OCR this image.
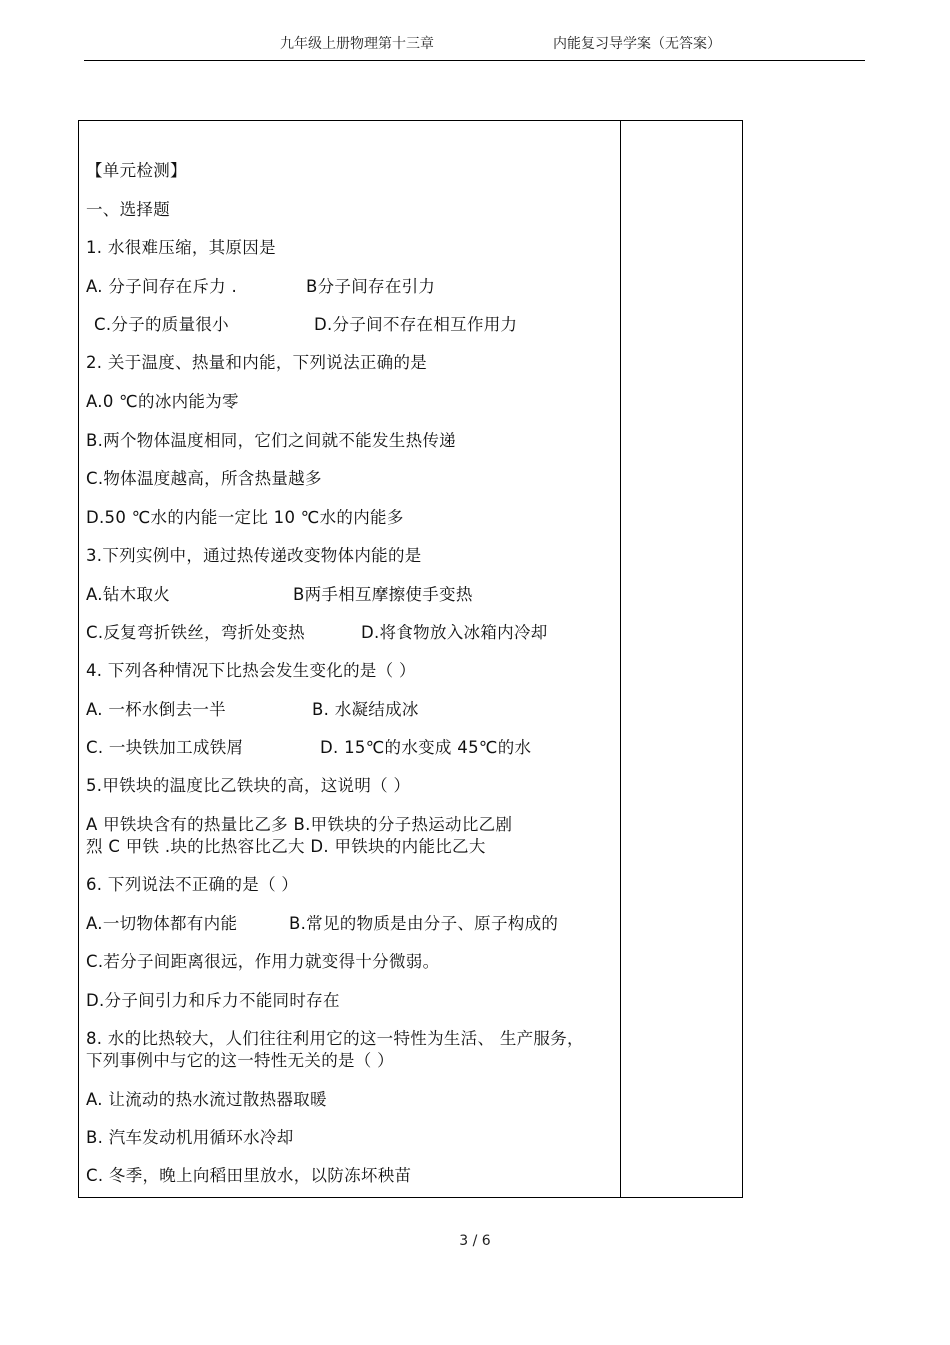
九年级上册物理第十三章	内能复习导学案（无答案）
【单元检测】
一、选择题
1. 水很难压缩，其原因是
A. 分子间存在斥力 .	B分子间存在引力
C.分子的质量很小	D.分子间不存在相互作用力
2. 关于温度、热量和内能，下列说法正确的是
A.0 ℃的冰内能为零
B.两个物体温度相同，它们之间就不能发生热传递
C.物体温度越高，所含热量越多
D.50 ℃水的内能一定比 10 ℃水的内能多
3.下列实例中，通过热传递改变物体内能的是
A.钻木取火	B两手相互摩擦使手变热
C.反复弯折铁丝，弯折处变热	D.将食物放入冰箱内冷却
4. 下列各种情况下比热会发生变化的是（ ）
A. 一杯水倒去一半	B. 水凝结成冰
C. 一块铁加工成铁屑	D. 15℃的水变成 45℃的水
5.甲铁块的温度比乙铁块的高，这说明（ ）
A 甲铁块含有的热量比乙多 B.甲铁块的分子热运动比乙剧
烈 C 甲铁 .块的比热容比乙大 D. 甲铁块的内能比乙大
6. 下列说法不正确的是（ ）
A.一切物体都有内能	B.常见的物质是由分子、原子构成的
C.若分子间距离很远，作用力就变得十分微弱。
D.分子间引力和斥力不能同时存在
8. 水的比热较大，人们往往利用它的这一特性为生活、 生产服务，
下列事例中与它的这一特性无关的是（ ）
A. 让流动的热水流过散热器取暖
B. 汽车发动机用循环水冷却
C. 冬季，晚上向稻田里放水，以防冻坏秧苗
3 / 6
